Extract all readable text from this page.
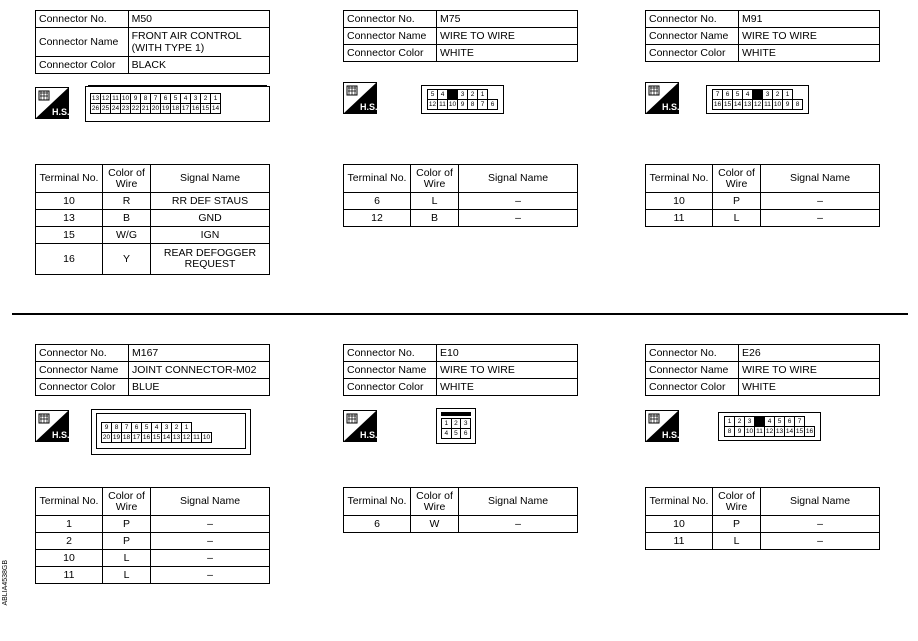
Connector No.	M50
Connector Name	FRONT AIR CONTROL (WITH TYPE 1)
Connector Color	BLACK
H.S.
13	12	11	10	9	8	7	6	5	4	3	2	1
26	25	24	23	22	21	20	19	18	17	16	15	14
Terminal No.	Color of Wire	Signal Name
10	R	RR DEF STAUS
13	B	GND
15	W/G	IGN
16	Y	REAR DEFOGGER REQUEST
Connector No.	M75
Connector Name	WIRE TO WIRE
Connector Color	WHITE
H.S.
5	4		3	2	1	
12	11	10	9	8	7	6
Terminal No.	Color of Wire	Signal Name
6	L	–
12	B	–
Connector No.	M91
Connector Name	WIRE TO WIRE
Connector Color	WHITE
H.S.
7	6	5	4		3	2	1	
16	15	14	13	12	11	10	9	8
Terminal No.	Color of Wire	Signal Name
10	P	–
11	L	–
Connector No.	M167
Connector Name	JOINT CONNECTOR-M02
Connector Color	BLUE
H.S.
9	8	7	6	5	4	3	2	1		
20	19	18	17	16	15	14	13	12	11	10
Terminal No.	Color of Wire	Signal Name
1	P	–
2	P	–
10	L	–
11	L	–
Connector No.	E10
Connector Name	WIRE TO WIRE
Connector Color	WHITE
H.S.
1	2	3
4	5	6
Terminal No.	Color of Wire	Signal Name
6	W	–
Connector No.	E26
Connector Name	WIRE TO WIRE
Connector Color	WHITE
H.S.
1	2	3		4	5	6	7	
8	9	10	11	12	13	14	15	16
Terminal No.	Color of Wire	Signal Name
10	P	–
11	L	–
ABLIA4538GB
